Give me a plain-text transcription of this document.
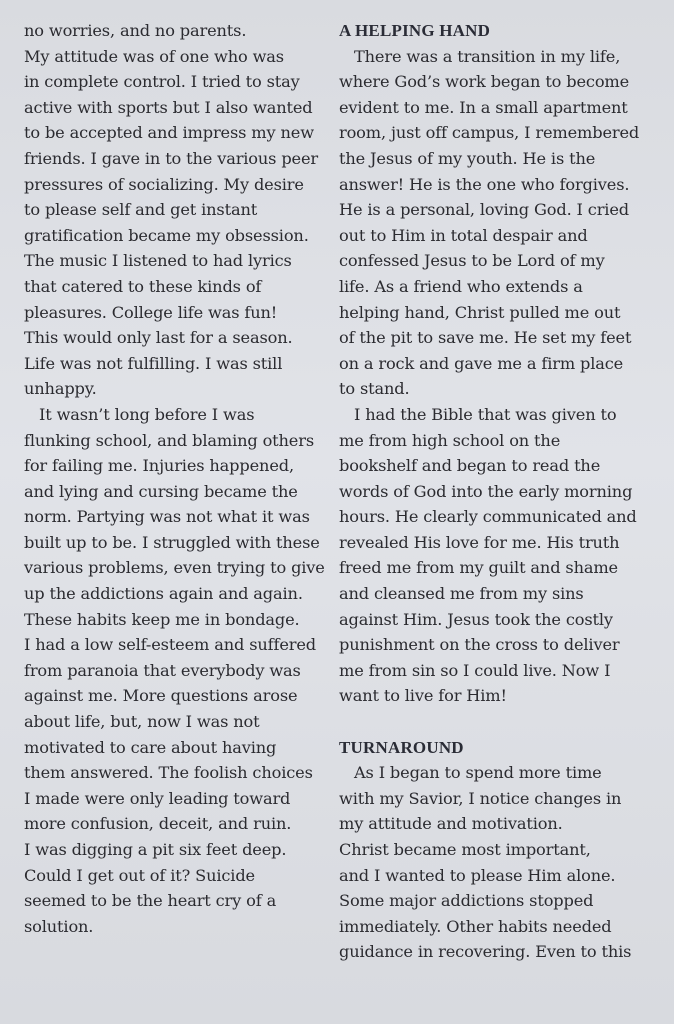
no worries, and no parents.
My attitude was of one who was
in complete control. I tried to stay
active with sports but I also wanted
to be accepted and impress my new
friends. I gave in to the various peer
pressures of socializing. My desire
to please self and get instant
gratification became my obsession.
The music I listened to had lyrics
that catered to these kinds of
pleasures. College life was fun!
This would only last for a season.
Life was not fulfilling. I was still
unhappy.
It wasn’t long before I was
flunking school, and blaming others
for failing me. Injuries happened,
and lying and cursing became the
norm. Partying was not what it was
built up to be. I struggled with these
various problems, even trying to give
up the addictions again and again.
These habits keep me in bondage.
I had a low self-esteem and suffered
from paranoia that everybody was
against me. More questions arose
about life, but, now I was not
motivated to care about having
them answered. The foolish choices
I made were only leading toward
more confusion, deceit, and ruin.
I was digging a pit six feet deep.
Could I get out of it? Suicide
seemed to be the heart cry of a
solution.
A HELPING HAND
There was a transition in my life,
where God’s work began to become
evident to me. In a small apartment
room, just off campus, I remembered
the Jesus of my youth. He is the
answer! He is the one who forgives.
He is a personal, loving God. I cried
out to Him in total despair and
confessed Jesus to be Lord of my
life. As a friend who extends a
helping hand, Christ pulled me out
of the pit to save me. He set my feet
on a rock and gave me a firm place
to stand.
I had the Bible that was given to
me from high school on the
bookshelf and began to read the
words of God into the early morning
hours. He clearly communicated and
revealed His love for me. His truth
freed me from my guilt and shame
and cleansed me from my sins
against Him. Jesus took the costly
punishment on the cross to deliver
me from sin so I could live. Now I
want to live for Him!
TURNAROUND
As I began to spend more time
with my Savior, I notice changes in
my attitude and motivation.
Christ became most important,
and I wanted to please Him alone.
Some major addictions stopped
immediately. Other habits needed
guidance in recovering. Even to this
